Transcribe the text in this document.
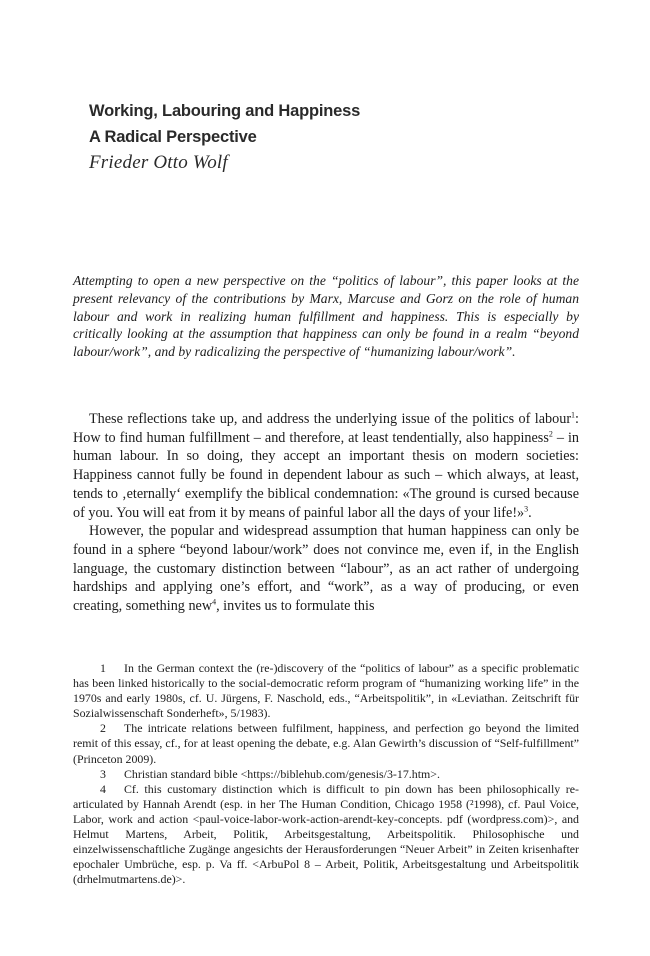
Working, Labouring and Happiness
A Radical Perspective
Frieder Otto Wolf

Attempting to open a new perspective on the “politics of labour”, this paper looks at the present relevancy of the contributions by Marx, Marcuse and Gorz on the role of human labour and work in realizing human fulfillment and happiness. This is especially by critically looking at the assumption that happiness can only be found in a realm “beyond labour/work”, and by radicalizing the perspective of “humanizing labour/work”.

These reflections take up, and address the underlying issue of the politics of labour$^1$: How to find human fulfillment – and therefore, at least tendentially, also happiness$^2$ – in human labour. In so doing, they accept an important thesis on modern societies: Happiness cannot fully be found in dependent labour as such – which always, at least, tends to ‚eternally‘ exemplify the biblical condemnation: «The ground is cursed because of you. You will eat from it by means of painful labor all the days of your life!»$^3$.

However, the popular and widespread assumption that human happiness can only be found in a sphere “beyond labour/work” does not convince me, even if, in the English language, the customary distinction between “labour”, as an act rather of undergoing hardships and applying one’s effort, and “work”, as a way of producing, or even creating, something new$^4$, invites us to formulate this

1 In the German context the (re-)discovery of the “politics of labour” as a specific problematic has been linked historically to the social-democratic reform program of “humanizing working life” in the 1970s and early 1980s, cf. U. Jürgens, F. Naschold, eds., “Arbeitspolitik”, in «Leviathan. Zeitschrift für Sozialwissenschaft Sonderheft», 5/1983).

2 The intricate relations between fulfilment, happiness, and perfection go beyond the limited remit of this essay, cf., for at least opening the debate, e.g. Alan Gewirth’s discussion of “Self-fulfillment” (Princeton 2009).

3 Christian standard bible <https://biblehub.com/genesis/3-17.htm>.

4 Cf. this customary distinction which is difficult to pin down has been philosophically re-articulated by Hannah Arendt (esp. in her The Human Condition, Chicago 1958 (²1998), cf. Paul Voice, Labor, work and action <paul-voice-labor-work-action-arendt-key-concepts. pdf (wordpress.com)>, and Helmut Martens, Arbeit, Politik, Arbeitsgestaltung, Arbeitspolitik. Philosophische und einzelwissenschaftliche Zugänge angesichts der Herausforderungen “Neuer Arbeit” in Zeiten krisenhafter epochaler Umbrüche, esp. p. Va ff. <ArbuPol 8 – Arbeit, Politik, Arbeitsgestaltung und Arbeitspolitik (drhelmutmartens.de)>.
